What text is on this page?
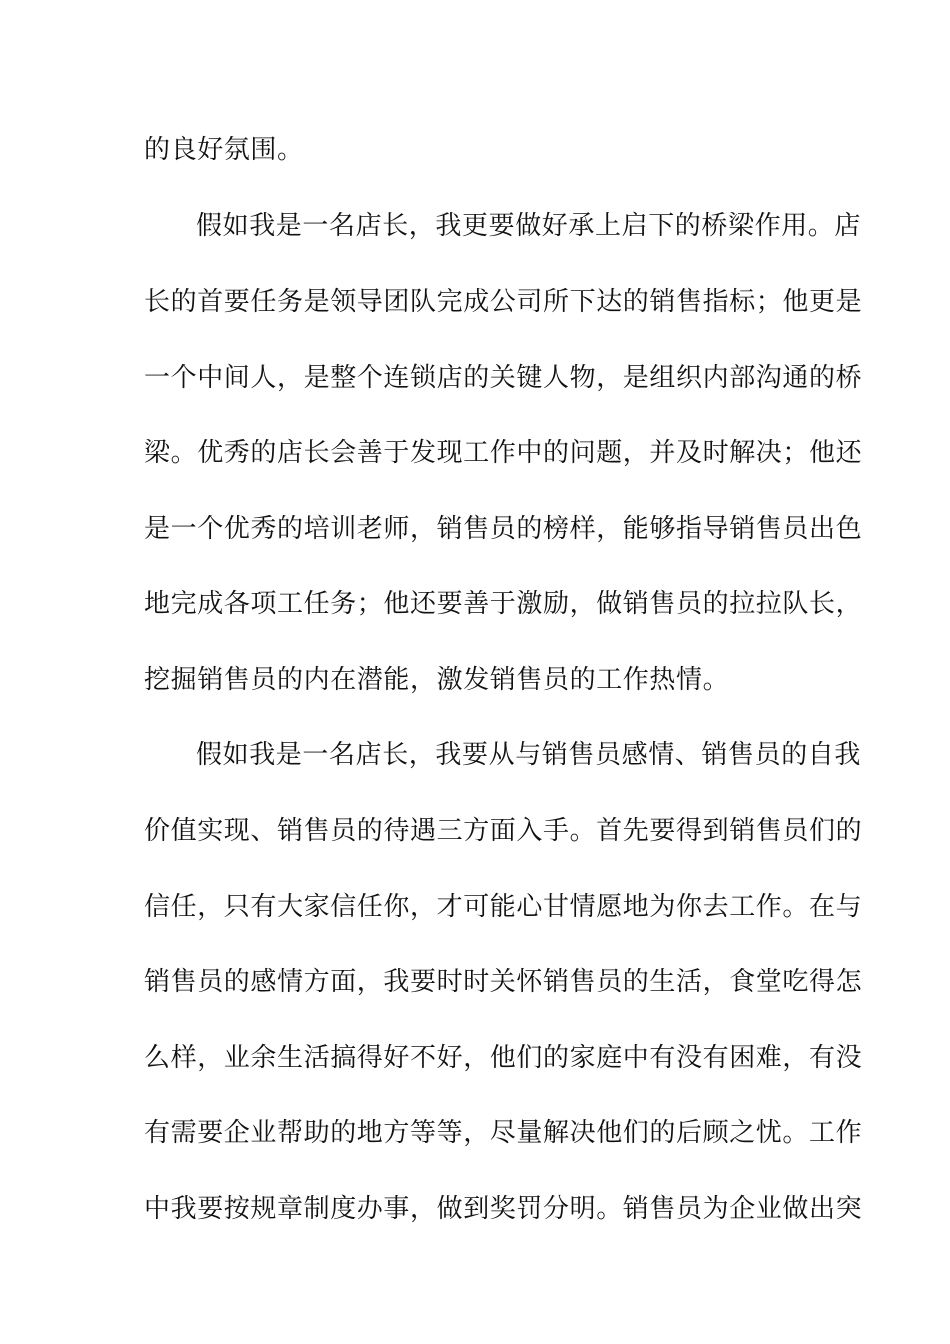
的良好氛围。
假如我是一名店长，我更要做好承上启下的桥梁作用。店
长的首要任务是领导团队完成公司所下达的销售指标；他更是
一个中间人，是整个连锁店的关键人物，是组织内部沟通的桥
梁。优秀的店长会善于发现工作中的问题，并及时解决；他还
是一个优秀的培训老师，销售员的榜样，能够指导销售员出色
地完成各项工任务；他还要善于激励，做销售员的拉拉队长，
挖掘销售员的内在潜能，激发销售员的工作热情。
假如我是一名店长，我要从与销售员感情、销售员的自我
价值实现、销售员的待遇三方面入手。首先要得到销售员们的
信任，只有大家信任你，才可能心甘情愿地为你去工作。在与
销售员的感情方面，我要时时关怀销售员的生活，食堂吃得怎
么样，业余生活搞得好不好，他们的家庭中有没有困难，有没
有需要企业帮助的地方等等，尽量解决他们的后顾之忧。工作
中我要按规章制度办事，做到奖罚分明。销售员为企业做出突
